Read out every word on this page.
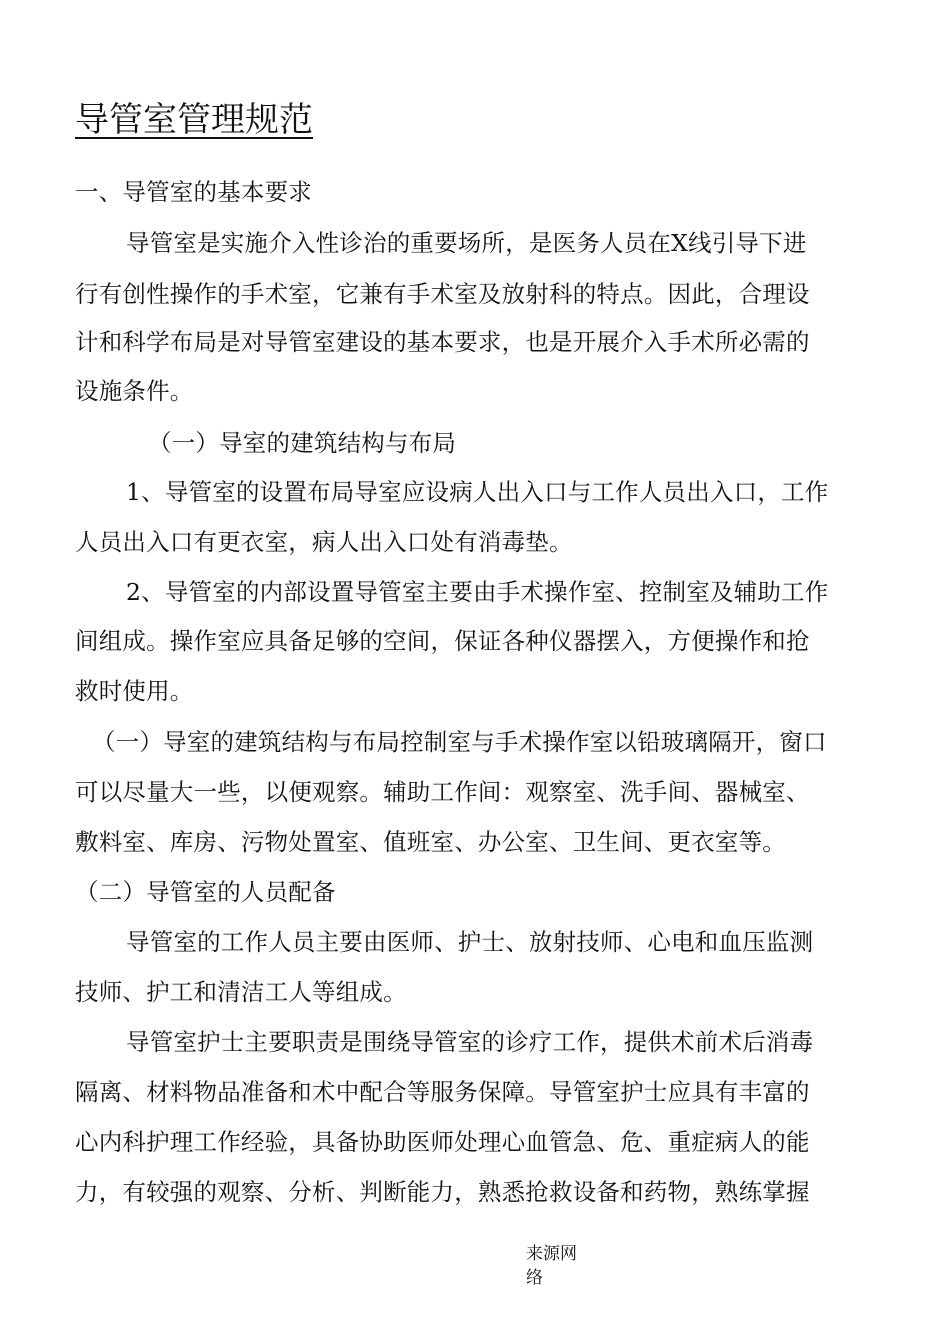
导管室管理规范
一、导管室的基本要求
导管室是实施介入性诊治的重要场所，是医务人员在X线引导下进
行有创性操作的手术室，它兼有手术室及放射科的特点。因此，合理设
计和科学布局是对导管室建设的基本要求，也是开展介入手术所必需的
设施条件。
（一）导室的建筑结构与布局
1、导管室的设置布局导室应设病人出入口与工作人员出入口，工作
人员出入口有更衣室，病人出入口处有消毒垫。
2、导管室的内部设置导管室主要由手术操作室、控制室及辅助工作
间组成。操作室应具备足够的空间，保证各种仪器摆入，方便操作和抢
救时使用。
（一）导室的建筑结构与布局控制室与手术操作室以铅玻璃隔开，窗口
可以尽量大一些，以便观察。辅助工作间：观察室、洗手间、器械室、
敷料室、库房、污物处置室、值班室、办公室、卫生间、更衣室等。
（二）导管室的人员配备
导管室的工作人员主要由医师、护士、放射技师、心电和血压监测
技师、护工和清洁工人等组成。
导管室护士主要职责是围绕导管室的诊疗工作，提供术前术后消毒
隔离、材料物品准备和术中配合等服务保障。导管室护士应具有丰富的
心内科护理工作经验，具备协助医师处理心血管急、危、重症病人的能
力，有较强的观察、分析、判断能力，熟悉抢救设备和药物，熟练掌握
来源网络
